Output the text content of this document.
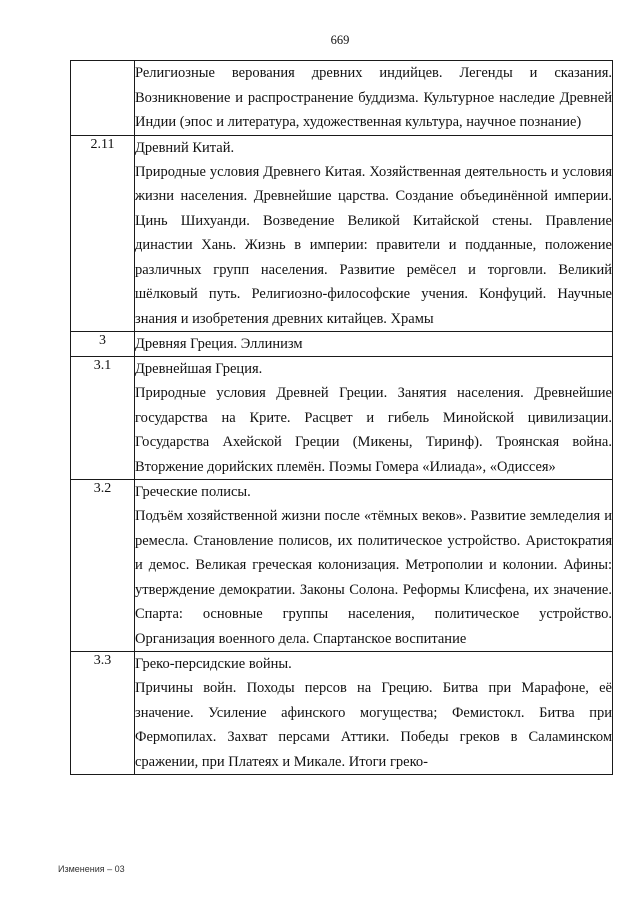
669

	Религиозные верования древних индийцев. Легенды и сказания. Возникновение и распространение буддизма. Культурное наследие Древней Индии (эпос и литература, художественная культура, научное познание)

2.11	Древний Китай.

Природные условия Древнего Китая. Хозяйственная деятельность и условия жизни населения. Древнейшие царства. Создание объединённой империи. Цинь Шихуанди. Возведение Великой Китайской стены. Правление династии Хань. Жизнь в империи: правители и подданные, положение различных групп населения. Развитие ремёсел и торговли. Великий шёлковый путь. Религиозно-философские учения. Конфуций. Научные знания и изобретения древних китайцев. Храмы

3	Древняя Греция. Эллинизм

3.1	Древнейшая Греция.

Природные условия Древней Греции. Занятия населения. Древнейшие государства на Крите. Расцвет и гибель Минойской цивилизации. Государства Ахейской Греции (Микены, Тиринф). Троянская война. Вторжение дорийских племён. Поэмы Гомера «Илиада», «Одиссея»

3.2	Греческие полисы.

Подъём хозяйственной жизни после «тёмных веков». Развитие земледелия и ремесла. Становление полисов, их политическое устройство. Аристократия и демос. Великая греческая колонизация. Метрополии и колонии. Афины: утверждение демократии. Законы Солона. Реформы Клисфена, их значение. Спарта: основные группы населения, политическое устройство. Организация военного дела. Спартанское воспитание

3.3	Греко-персидские войны.

Причины войн. Походы персов на Грецию. Битва при Марафоне, её значение. Усиление афинского могущества; Фемистокл. Битва при Фермопилах. Захват персами Аттики. Победы греков в Саламинском сражении, при Платеях и Микале. Итоги греко-

Изменения – 03
